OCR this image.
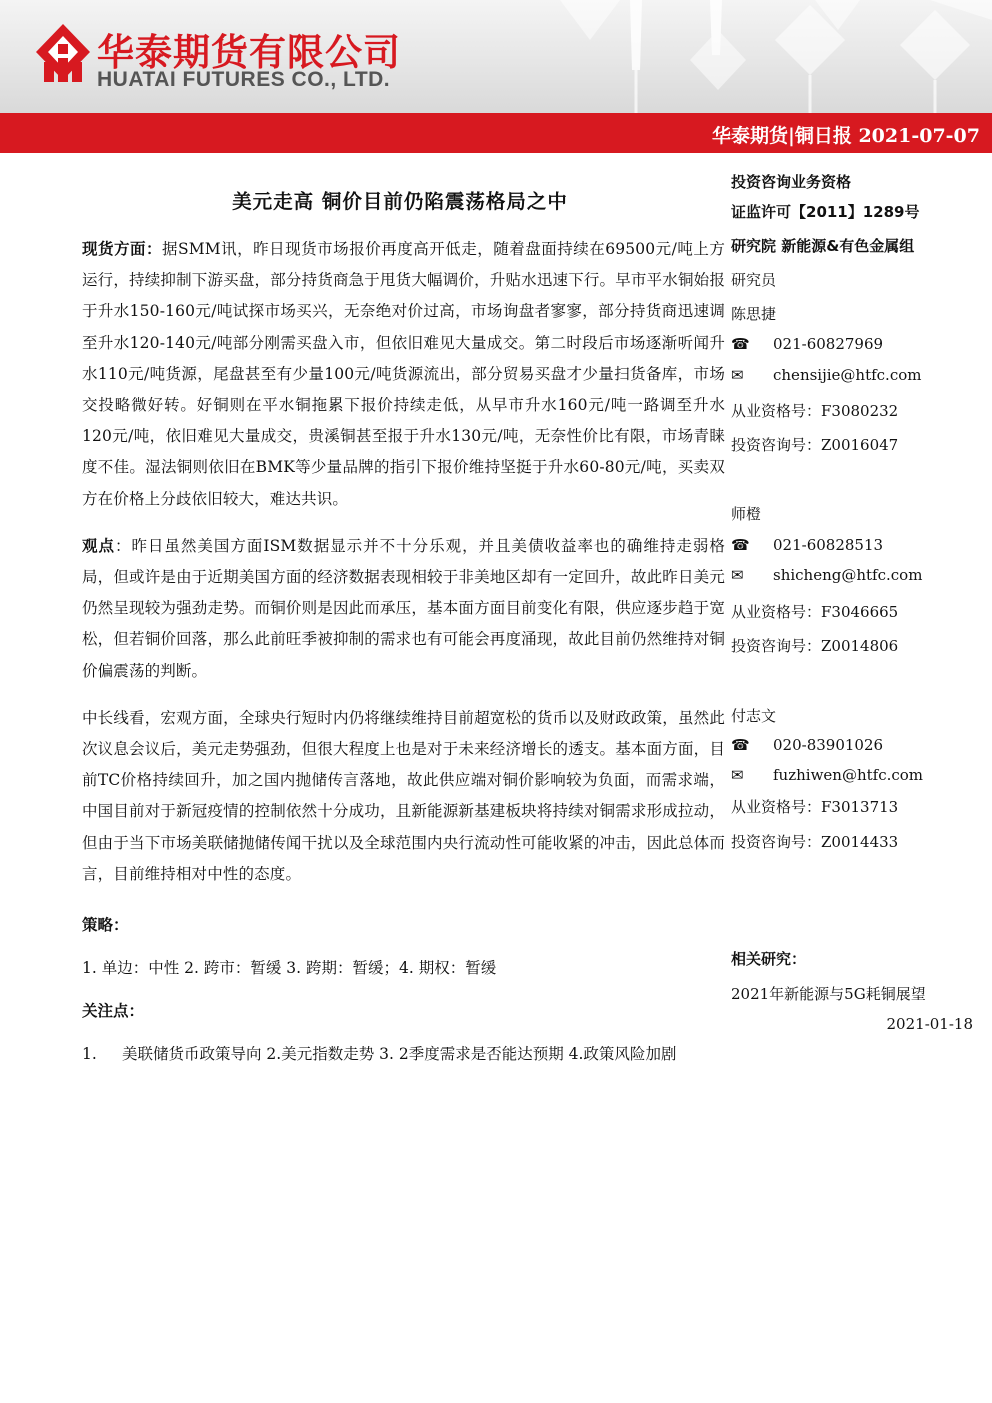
华泰期货有限公司
HUATAI FUTURES CO., LTD.
华泰期货|铜日报 2021-07-07
美元走高 铜价目前仍陷震荡格局之中

现货方面：据SMM讯，昨日现货市场报价再度高开低走，随着盘面持续在69500元/吨上方运行，持续抑制下游买盘，部分持货商急于甩货大幅调价，升贴水迅速下行。早市平水铜始报于升水150-160元/吨试探市场买兴，无奈绝对价过高，市场询盘者寥寥，部分持货商迅速调至升水120-140元/吨部分刚需买盘入市，但依旧难见大量成交。第二时段后市场逐渐听闻升水110元/吨货源，尾盘甚至有少量100元/吨货源流出，部分贸易买盘才少量扫货备库，市场交投略微好转。好铜则在平水铜拖累下报价持续走低，从早市升水160元/吨一路调至升水120元/吨，依旧难见大量成交，贵溪铜甚至报于升水130元/吨，无奈性价比有限，市场青睐度不佳。湿法铜则依旧在BMK等少量品牌的指引下报价维持坚挺于升水60-80元/吨，买卖双方在价格上分歧依旧较大，难达共识。

观点：昨日虽然美国方面ISM数据显示并不十分乐观，并且美债收益率也的确维持走弱格局，但或许是由于近期美国方面的经济数据表现相较于非美地区却有一定回升，故此昨日美元仍然呈现较为强劲走势。而铜价则是因此而承压，基本面方面目前变化有限，供应逐步趋于宽松，但若铜价回落，那么此前旺季被抑制的需求也有可能会再度涌现，故此目前仍然维持对铜价偏震荡的判断。

中长线看，宏观方面，全球央行短时内仍将继续维持目前超宽松的货币以及财政政策，虽然此次议息会议后，美元走势强劲，但很大程度上也是对于未来经济增长的透支。基本面方面，目前TC价格持续回升，加之国内抛储传言落地，故此供应端对铜价影响较为负面，而需求端，中国目前对于新冠疫情的控制依然十分成功，且新能源新基建板块将持续对铜需求形成拉动，但由于当下市场美联储抛储传闻干扰以及全球范围内央行流动性可能收紧的冲击，因此总体而言，目前维持相对中性的态度。

策略：

1. 单边：中性 2. 跨市：暂缓 3. 跨期：暂缓；4. 期权：暂缓

关注点：

1.	美联储货币政策导向 2.美元指数走势 3. 2季度需求是否能达预期 4.政策风险加剧
投资咨询业务资格
证监许可【2011】1289号
研究院 新能源&有色金属组
研究员
陈思捷
☎ 021-60827969
✉ chensijie@htfc.com
从业资格号：F3080232
投资咨询号：Z0016047
师橙
☎ 021-60828513
✉ shicheng@htfc.com
从业资格号：F3046665
投资咨询号：Z0014806
付志文
☎ 020-83901026
✉ fuzhiwen@htfc.com
从业资格号：F3013713
投资咨询号：Z0014433
相关研究：
2021年新能源与5G耗铜展望
2021-01-18
